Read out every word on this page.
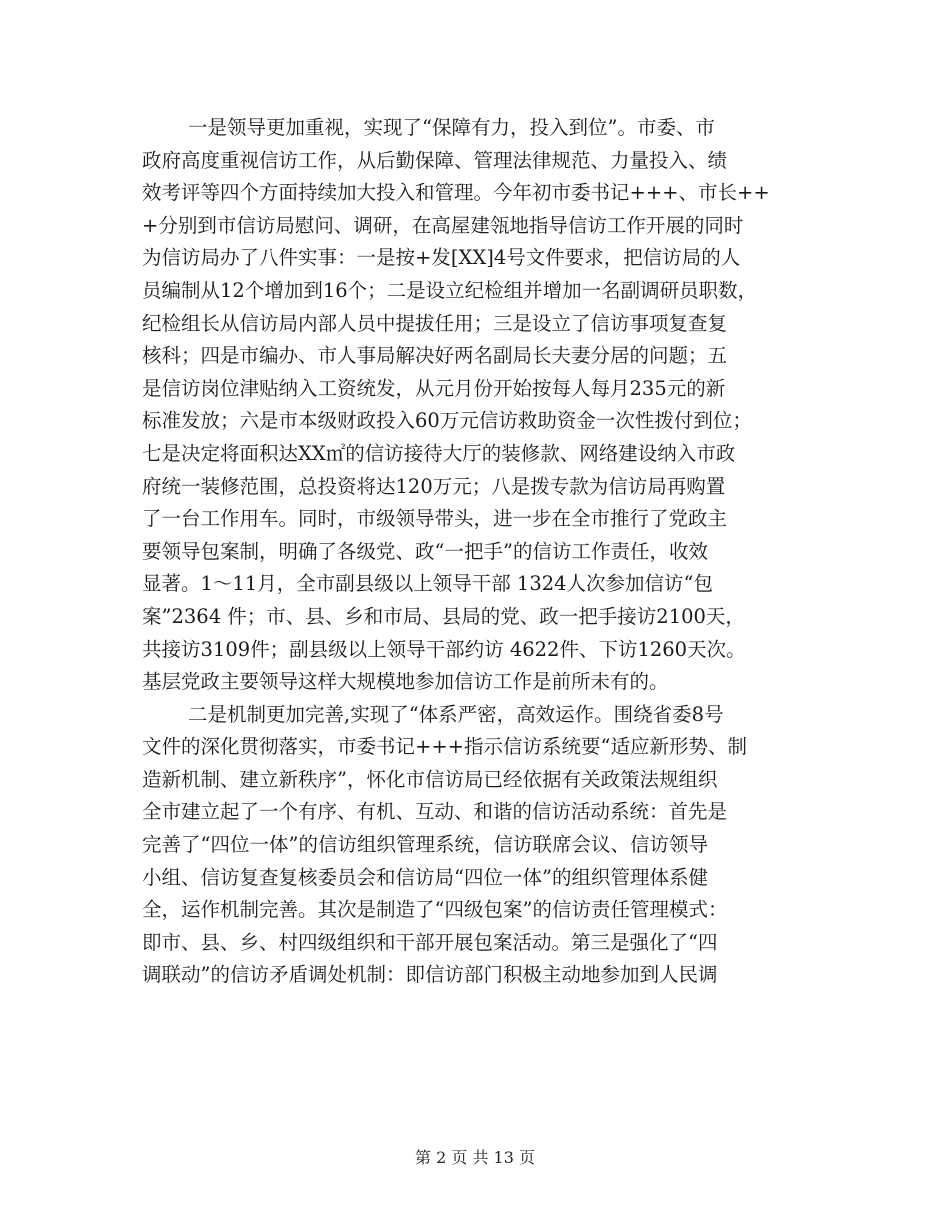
一是领导更加重视，实现了“保障有力，投入到位”。市委、市
政府高度重视信访工作，从后勤保障、管理法律规范、力量投入、绩
效考评等四个方面持续加大投入和管理。今年初市委书记+++、市长++
+分别到市信访局慰问、调研，在高屋建瓴地指导信访工作开展的同时
为信访局办了八件实事：一是按+发[XX]4号文件要求，把信访局的人
员编制从12个增加到16个；二是设立纪检组并增加一名副调研员职数，
纪检组长从信访局内部人员中提拔任用；三是设立了信访事项复查复
核科；四是市编办、市人事局解决好两名副局长夫妻分居的问题；五
是信访岗位津贴纳入工资统发，从元月份开始按每人每月235元的新
标准发放；六是市本级财政投入60万元信访救助资金一次性拨付到位；
七是决定将面积达XX㎡的信访接待大厅的装修款、网络建设纳入市政
府统一装修范围，总投资将达120万元；八是拨专款为信访局再购置
了一台工作用车。同时，市级领导带头，进一步在全市推行了党政主
要领导包案制，明确了各级党、政“一把手”的信访工作责任，收效
显著。1～11月，全市副县级以上领导干部 1324人次参加信访“包
案”2364 件；市、县、乡和市局、县局的党、政一把手接访2100天，
共接访3109件；副县级以上领导干部约访 4622件、下访1260天次。
基层党政主要领导这样大规模地参加信访工作是前所未有的。
二是机制更加完善,实现了“体系严密，高效运作。围绕省委8号
文件的深化贯彻落实，市委书记+++指示信访系统要“适应新形势、制
造新机制、建立新秩序”，怀化市信访局已经依据有关政策法规组织
全市建立起了一个有序、有机、互动、和谐的信访活动系统：首先是
完善了“四位一体”的信访组织管理系统，信访联席会议、信访领导
小组、信访复查复核委员会和信访局“四位一体”的组织管理体系健
全，运作机制完善。其次是制造了“四级包案”的信访责任管理模式：
即市、县、乡、村四级组织和干部开展包案活动。第三是强化了“四
调联动”的信访矛盾调处机制：即信访部门积极主动地参加到人民调
第 2 页 共 13 页
